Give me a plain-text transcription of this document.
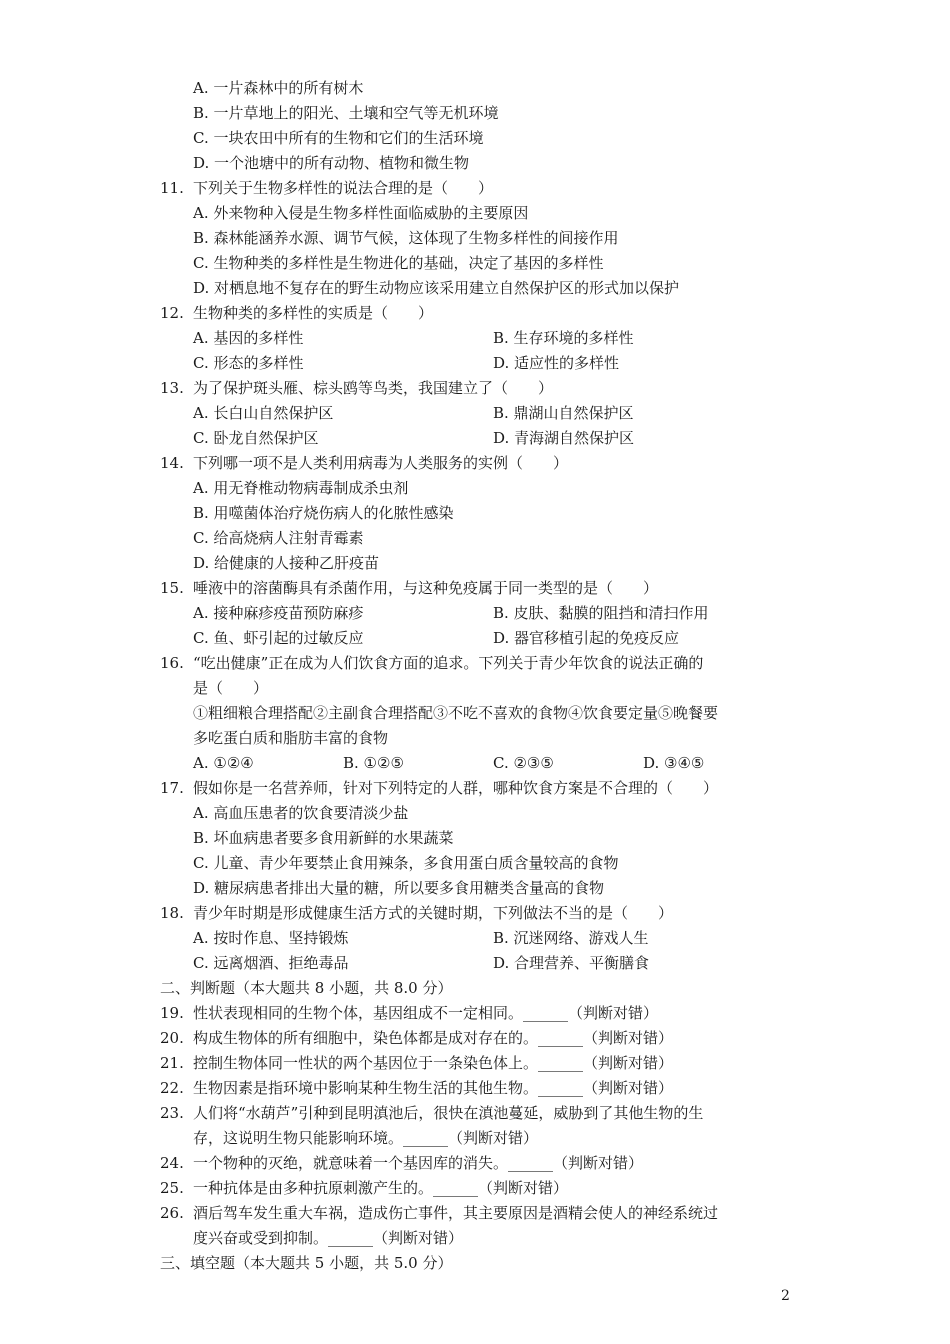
A. 一片森林中的所有树木
B. 一片草地上的阳光、土壤和空气等无机环境
C. 一块农田中所有的生物和它们的生活环境
D. 一个池塘中的所有动物、植物和微生物
11. 下列关于生物多样性的说法合理的是（　　）
A. 外来物种入侵是生物多样性面临威胁的主要原因
B. 森林能涵养水源、调节气候，这体现了生物多样性的间接作用
C. 生物种类的多样性是生物进化的基础，决定了基因的多样性
D. 对栖息地不复存在的野生动物应该采用建立自然保护区的形式加以保护
12. 生物种类的多样性的实质是（　　）
A. 基因的多样性	B. 生存环境的多样性
C. 形态的多样性	D. 适应性的多样性
13. 为了保护斑头雁、棕头鸥等鸟类，我国建立了（　　）
A. 长白山自然保护区	B. 鼎湖山自然保护区
C. 卧龙自然保护区	D. 青海湖自然保护区
14. 下列哪一项不是人类利用病毒为人类服务的实例（　　）
A. 用无脊椎动物病毒制成杀虫剂
B. 用噬菌体治疗烧伤病人的化脓性感染
C. 给高烧病人注射青霉素
D. 给健康的人接种乙肝疫苗
15. 唾液中的溶菌酶具有杀菌作用，与这种免疫属于同一类型的是（　　）
A. 接种麻疹疫苗预防麻疹	B. 皮肤、黏膜的阻挡和清扫作用
C. 鱼、虾引起的过敏反应	D. 器官移植引起的免疫反应
16. “吃出健康”正在成为人们饮食方面的追求。下列关于青少年饮食的说法正确的
是（　　）
①粗细粮合理搭配②主副食合理搭配③不吃不喜欢的食物④饮食要定量⑤晚餐要
多吃蛋白质和脂肪丰富的食物
A. ①②④	B. ①②⑤	C. ②③⑤	D. ③④⑤
17. 假如你是一名营养师，针对下列特定的人群，哪种饮食方案是不合理的（　　）
A. 高血压患者的饮食要清淡少盐
B. 坏血病患者要多食用新鲜的水果蔬菜
C. 儿童、青少年要禁止食用辣条，多食用蛋白质含量较高的食物
D. 糖尿病患者排出大量的糖，所以要多食用糖类含量高的食物
18. 青少年时期是形成健康生活方式的关键时期，下列做法不当的是（　　）
A. 按时作息、坚持锻炼	B. 沉迷网络、游戏人生
C. 远离烟酒、拒绝毒品	D. 合理营养、平衡膳食
二、判断题（本大题共 8 小题，共 8.0 分）
19. 性状表现相同的生物个体，基因组成不一定相同。______（判断对错）
20. 构成生物体的所有细胞中，染色体都是成对存在的。______（判断对错）
21. 控制生物体同一性状的两个基因位于一条染色体上。______（判断对错）
22. 生物因素是指环境中影响某种生物生活的其他生物。______（判断对错）
23. 人们将“水葫芦”引种到昆明滇池后，很快在滇池蔓延，威胁到了其他生物的生
存，这说明生物只能影响环境。______（判断对错）
24. 一个物种的灭绝，就意味着一个基因库的消失。______（判断对错）
25. 一种抗体是由多种抗原刺激产生的。______（判断对错）
26. 酒后驾车发生重大车祸，造成伤亡事件，其主要原因是酒精会使人的神经系统过
度兴奋或受到抑制。______（判断对错）
三、填空题（本大题共 5 小题，共 5.0 分）
2
